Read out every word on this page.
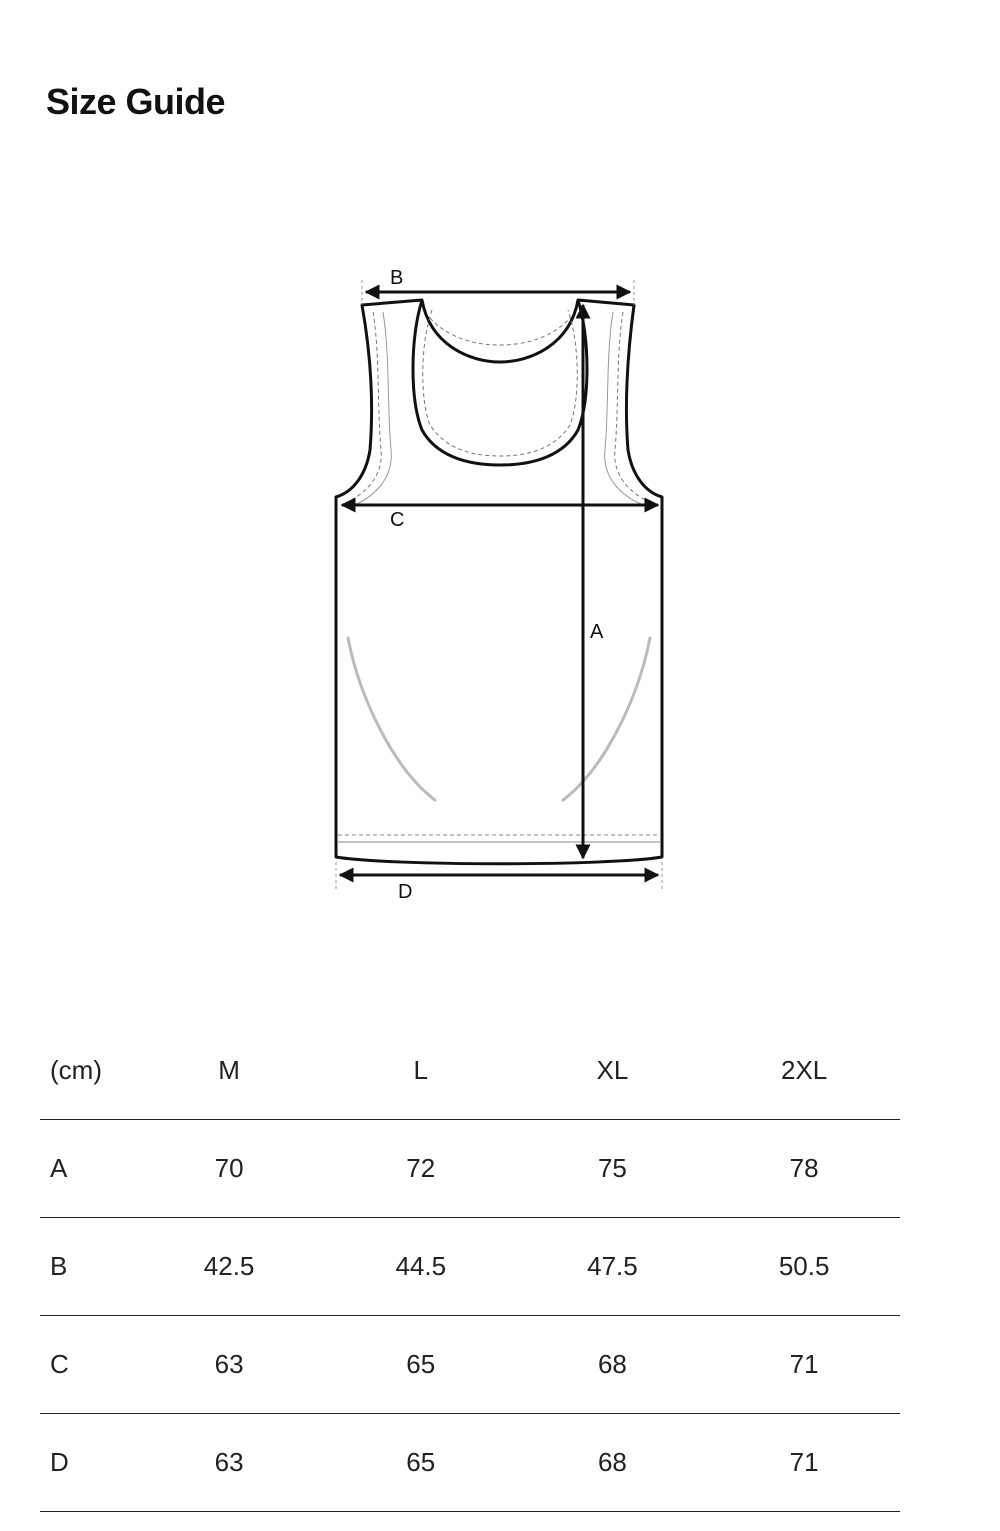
Size Guide
B
C
A
D
(cm)	M	L	XL	2XL
A	70	72	75	78
B	42.5	44.5	47.5	50.5
C	63	65	68	71
D	63	65	68	71
